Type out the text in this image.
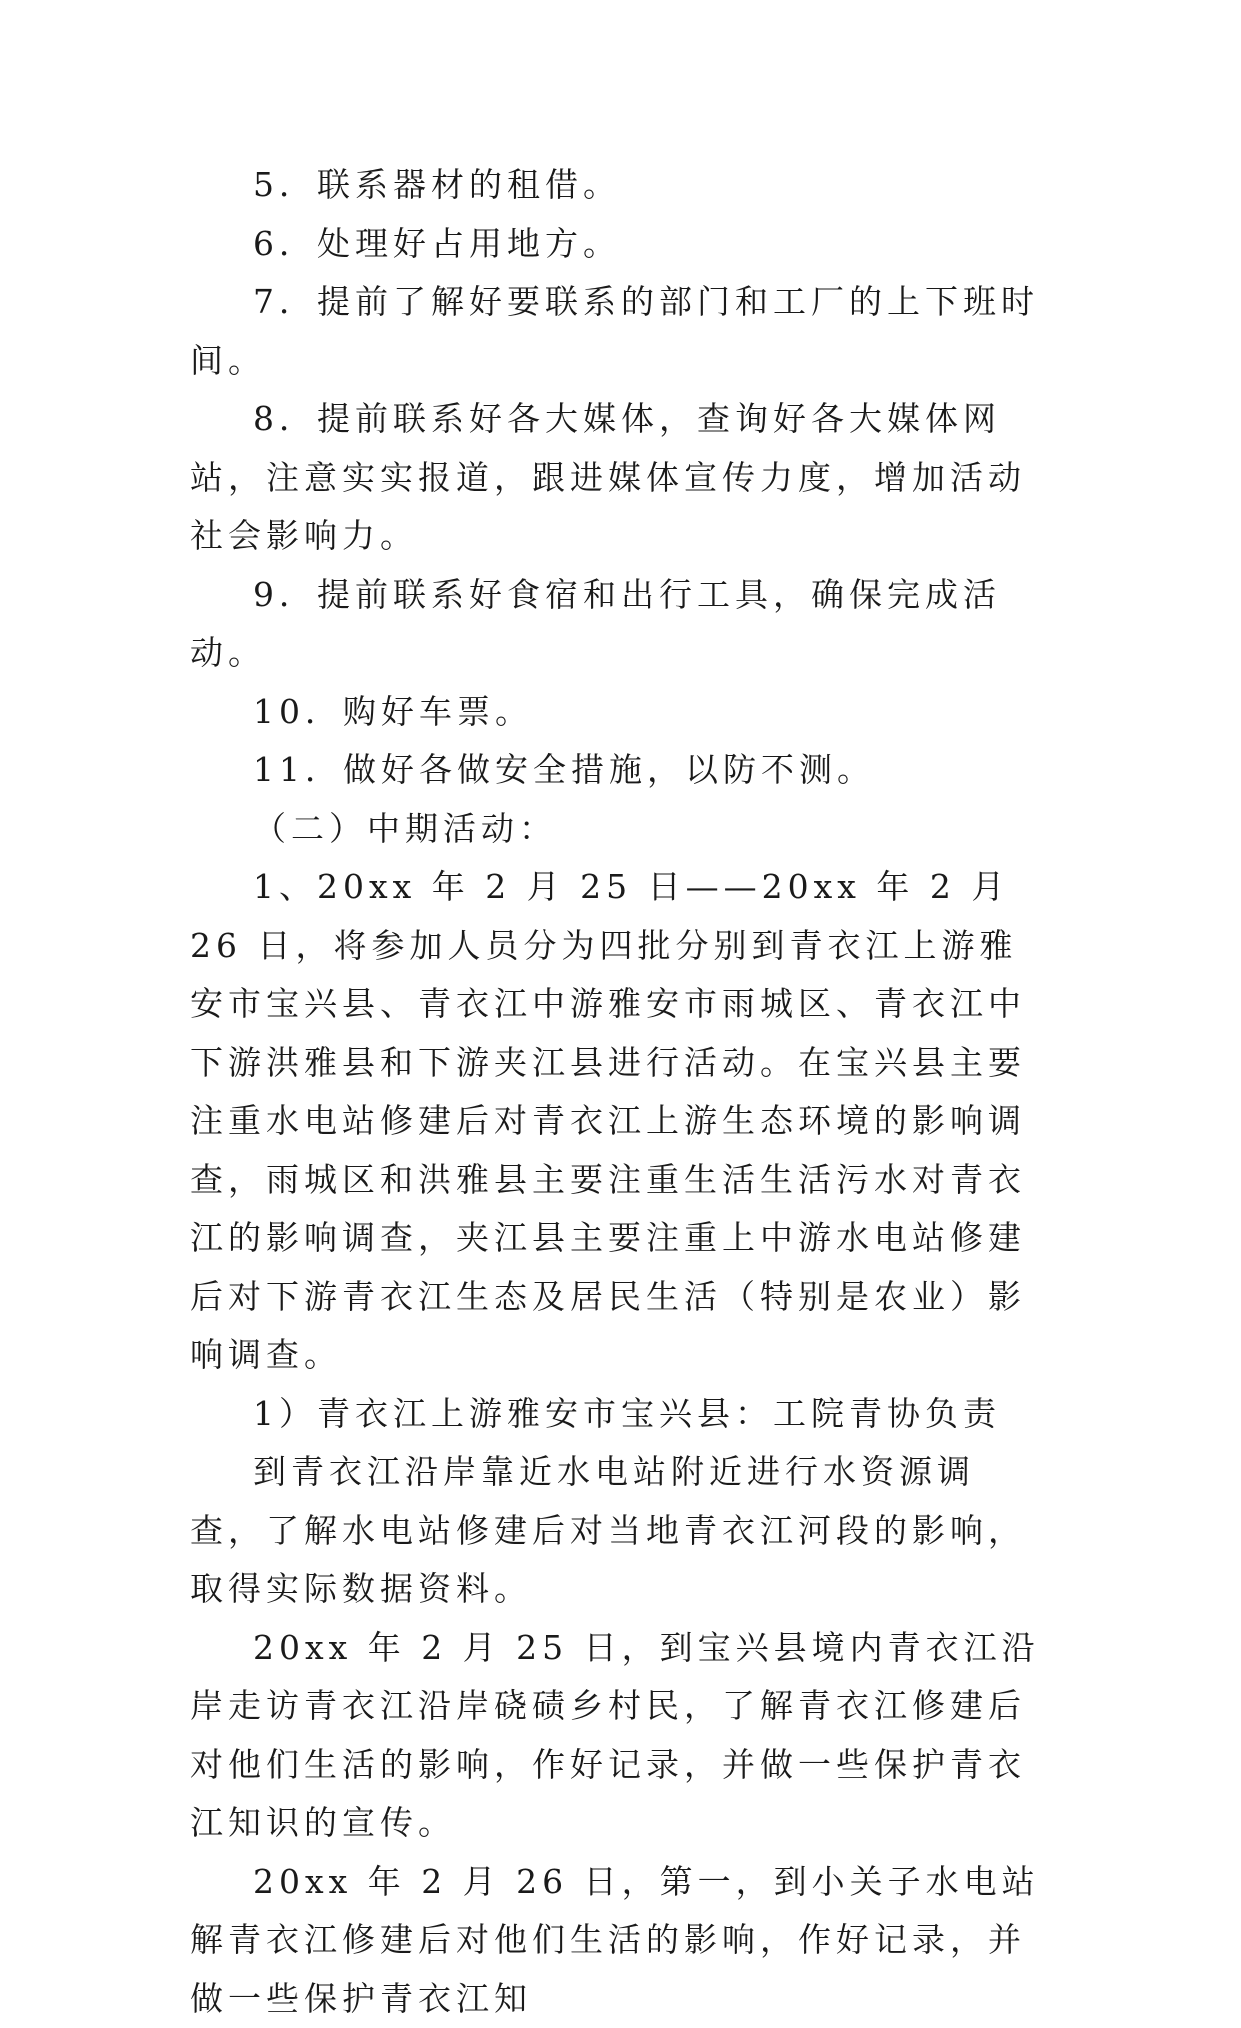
5．联系器材的租借。

6．处理好占用地方。

7．提前了解好要联系的部门和工厂的上下班时间。

8．提前联系好各大媒体，查询好各大媒体网站，注意实实报道，跟进媒体宣传力度，增加活动社会影响力。

9．提前联系好食宿和出行工具，确保完成活动。

10．购好车票。

11．做好各做安全措施，以防不测。

（二）中期活动：

1、20xx 年 2 月 25 日——20xx 年 2 月 26 日，将参加人员分为四批分别到青衣江上游雅安市宝兴县、青衣江中游雅安市雨城区、青衣江中下游洪雅县和下游夹江县进行活动。在宝兴县主要注重水电站修建后对青衣江上游生态环境的影响调查，雨城区和洪雅县主要注重生活生活污水对青衣江的影响调查，夹江县主要注重上中游水电站修建后对下游青衣江生态及居民生活（特别是农业）影响调查。

1）青衣江上游雅安市宝兴县：工院青协负责

到青衣江沿岸靠近水电站附近进行水资源调查，了解水电站修建后对当地青衣江河段的影响，取得实际数据资料。

20xx 年 2 月 25 日，到宝兴县境内青衣江沿岸走访青衣江沿岸硗碛乡村民，了解青衣江修建后对他们生活的影响，作好记录，并做一些保护青衣江知识的宣传。

20xx 年 2 月 26 日，第一，到小关子水电站解青衣江修建后对他们生活的影响，作好记录，并做一些保护青衣江知
